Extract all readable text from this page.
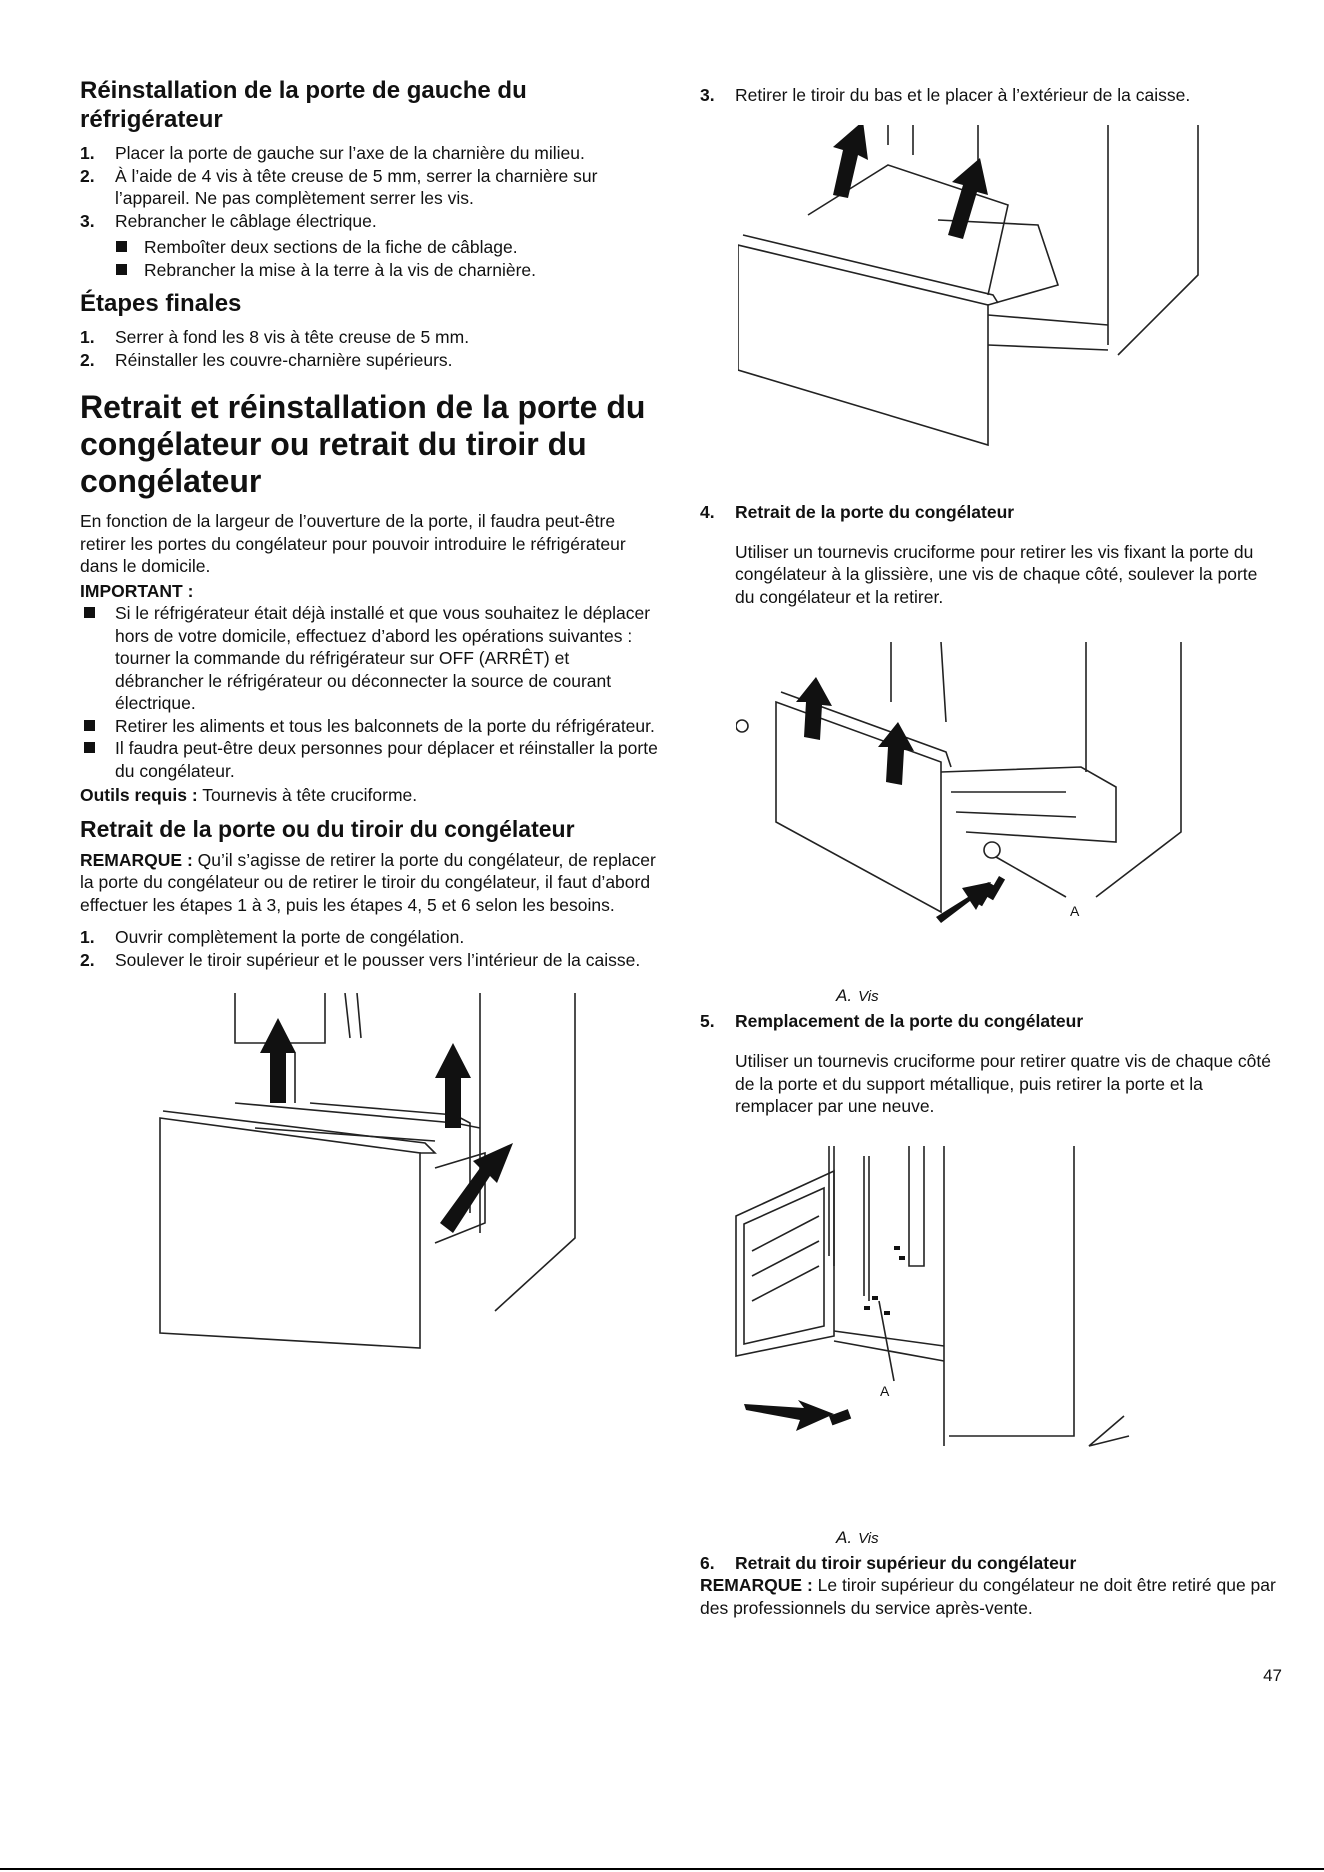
Réinstallation de la porte de gauche du réfrigérateur
1. Placer la porte de gauche sur l’axe de la charnière du milieu.
2. À l’aide de 4 vis à tête creuse de 5 mm, serrer la charnière sur l’appareil. Ne pas complètement serrer les vis.
3. Rebrancher le câblage électrique.
Remboîter deux sections de la fiche de câblage.
Rebrancher la mise à la terre à la vis de charnière.
Étapes finales
1. Serrer à fond les 8 vis à tête creuse de 5 mm.
2. Réinstaller les couvre-charnière supérieurs.
Retrait et réinstallation de la porte du congélateur ou retrait du tiroir du congélateur

En fonction de la largeur de l’ouverture de la porte, il faudra peut-être retirer les portes du congélateur pour pouvoir introduire le réfrigérateur dans le domicile.

IMPORTANT :

Si le réfrigérateur était déjà installé et que vous souhaitez le déplacer hors de votre domicile, effectuez d’abord les opérations suivantes : tourner la commande du réfrigérateur sur OFF (ARRÊT) et débrancher le réfrigérateur ou déconnecter la source de courant électrique.
Retirer les aliments et tous les balconnets de la porte du réfrigérateur.
Il faudra peut-être deux personnes pour déplacer et réinstaller la porte du congélateur.

Outils requis : Tournevis à tête cruciforme.

Retrait de la porte ou du tiroir du congélateur

REMARQUE : Qu’il s’agisse de retirer la porte du congélateur, de replacer la porte du congélateur ou de retirer le tiroir du congélateur, il faut d’abord effectuer les étapes 1 à 3, puis les étapes 4, 5 et 6 selon les besoins.

1. Ouvrir complètement la porte de congélation.
2. Soulever le tiroir supérieur et le pousser vers l’intérieur de la caisse.
3. Retirer le tiroir du bas et le placer à l’extérieur de la caisse.
4. Retrait de la porte du congélateur

Utiliser un tournevis cruciforme pour retirer les vis fixant la porte du congélateur à la glissière, une vis de chaque côté, soulever la porte du congélateur et la retirer.

A

A. Vis

5. Remplacement de la porte du congélateur

Utiliser un tournevis cruciforme pour retirer quatre vis de chaque côté de la porte et du support métallique, puis retirer la porte et la remplacer par une neuve.

A

A. Vis

6. Retrait du tiroir supérieur du congélateur

REMARQUE : Le tiroir supérieur du congélateur ne doit être retiré que par des professionnels du service après-vente.

47
